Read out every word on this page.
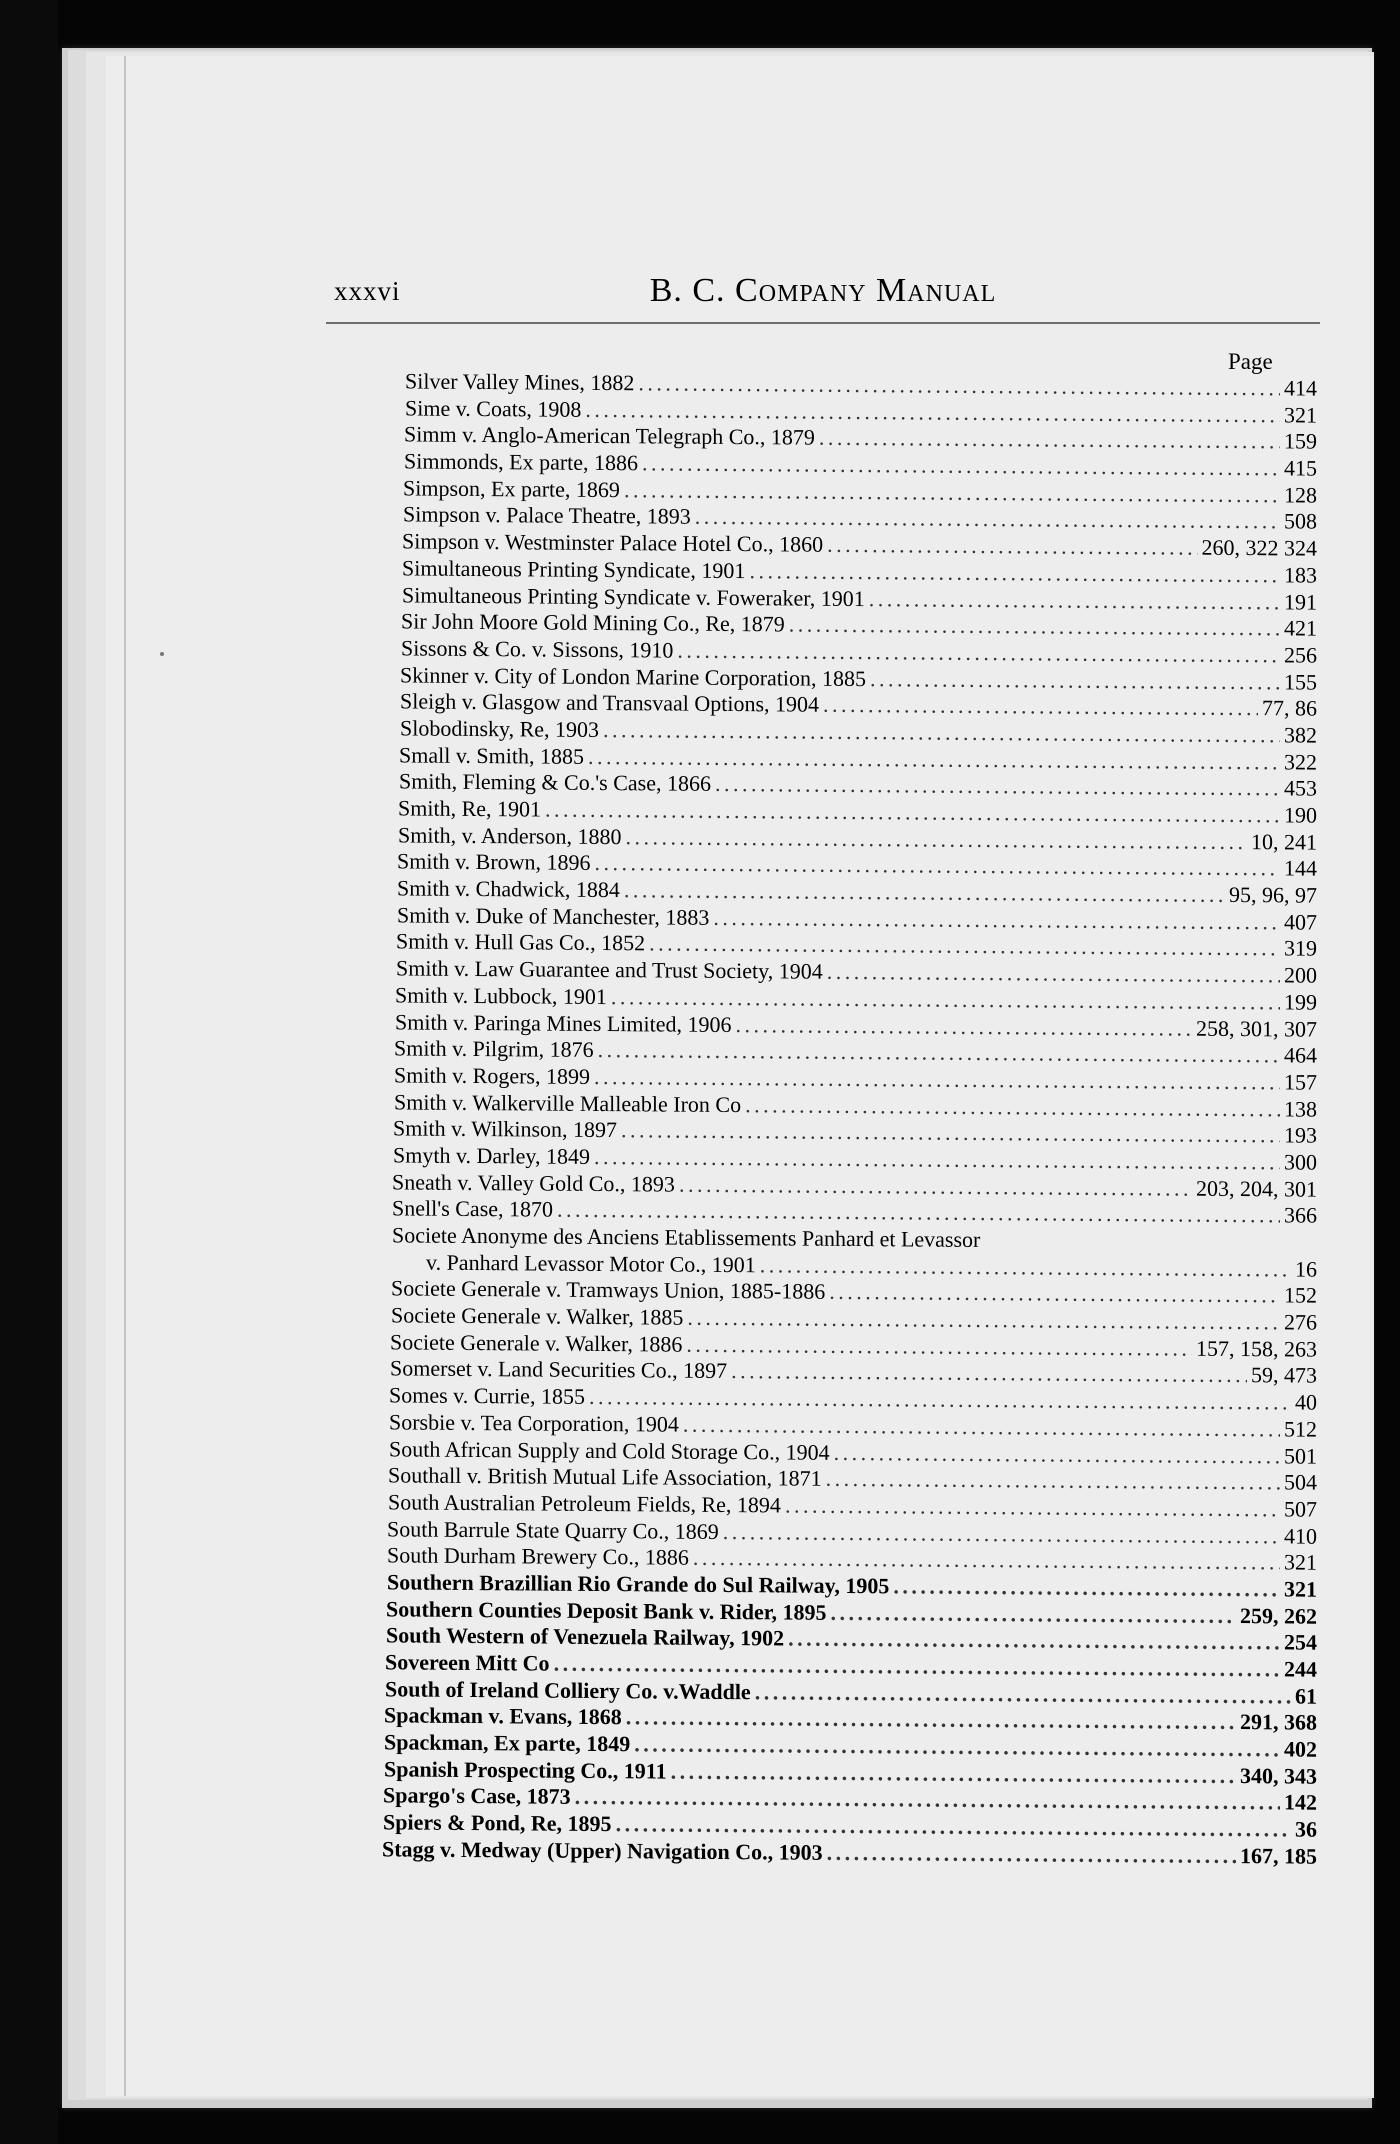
xxxvi	B. C. Company Manual
Page
Silver Valley Mines, 1882 . . .	414
Sime v. Coats, 1908 . . .	321
Simm v. Anglo-American Telegraph Co., 1879 . . .	159
Simmonds, Ex parte, 1886 . . .	415
Simpson, Ex parte, 1869 . . .	128
Simpson v. Palace Theatre, 1893 . . .	508
Simpson v. Westminster Palace Hotel Co., 1860 . . .	260, 322 324
Simultaneous Printing Syndicate, 1901 . . .	183
Simultaneous Printing Syndicate v. Foweraker, 1901 . . .	191
Sir John Moore Gold Mining Co., Re, 1879 . . .	421
Sissons & Co. v. Sissons, 1910 . . .	256
Skinner v. City of London Marine Corporation, 1885 . . .	155
Sleigh v. Glasgow and Transvaal Options, 1904 . . .	77, 86
Slobodinsky, Re, 1903 . . .	382
Small v. Smith, 1885 . . .	322
Smith, Fleming & Co.'s Case, 1866 . . .	453
Smith, Re, 1901 . . .	190
Smith, v. Anderson, 1880 . . .	10, 241
Smith v. Brown, 1896 . . .	144
Smith v. Chadwick, 1884 . . .	95, 96, 97
Smith v. Duke of Manchester, 1883 . . .	407
Smith v. Hull Gas Co., 1852 . . .	319
Smith v. Law Guarantee and Trust Society, 1904 . . .	200
Smith v. Lubbock, 1901 . . .	199
Smith v. Paringa Mines Limited, 1906 . . .	258, 301, 307
Smith v. Pilgrim, 1876 . . .	464
Smith v. Rogers, 1899 . . .	157
Smith v. Walkerville Malleable Iron Co . . .	138
Smith v. Wilkinson, 1897 . . .	193
Smyth v. Darley, 1849 . . .	300
Sneath v. Valley Gold Co., 1893 . . .	203, 204, 301
Snell's Case, 1870 . . .	366
Societe Anonyme des Anciens Etablissements Panhard et Levassor
v. Panhard Levassor Motor Co., 1901 . . .	16
Societe Generale v. Tramways Union, 1885-1886 . . .	152
Societe Generale v. Walker, 1885 . . .	276
Societe Generale v. Walker, 1886 . . .	157, 158, 263
Somerset v. Land Securities Co., 1897 . . .	59, 473
Somes v. Currie, 1855 . . .	40
Sorsbie v. Tea Corporation, 1904 . . .	512
South African Supply and Cold Storage Co., 1904 . . .	501
Southall v. British Mutual Life Association, 1871 . . .	504
South Australian Petroleum Fields, Re, 1894 . . .	507
South Barrule State Quarry Co., 1869 . . .	410
South Durham Brewery Co., 1886 . . .	321
Southern Brazillian Rio Grande do Sul Railway, 1905 . . .	321
Southern Counties Deposit Bank v. Rider, 1895 . . .	259, 262
South Western of Venezuela Railway, 1902 . . .	254
Sovereen Mitt Co . . .	244
South of Ireland Colliery Co. v.Waddle . . .	61
Spackman v. Evans, 1868 . . .	291, 368
Spackman, Ex parte, 1849 . . .	402
Spanish Prospecting Co., 1911 . . .	340, 343
Spargo's Case, 1873 . . .	142
Spiers & Pond, Re, 1895 . . .	36
Stagg v. Medway (Upper) Navigation Co., 1903 . . .	167, 185
